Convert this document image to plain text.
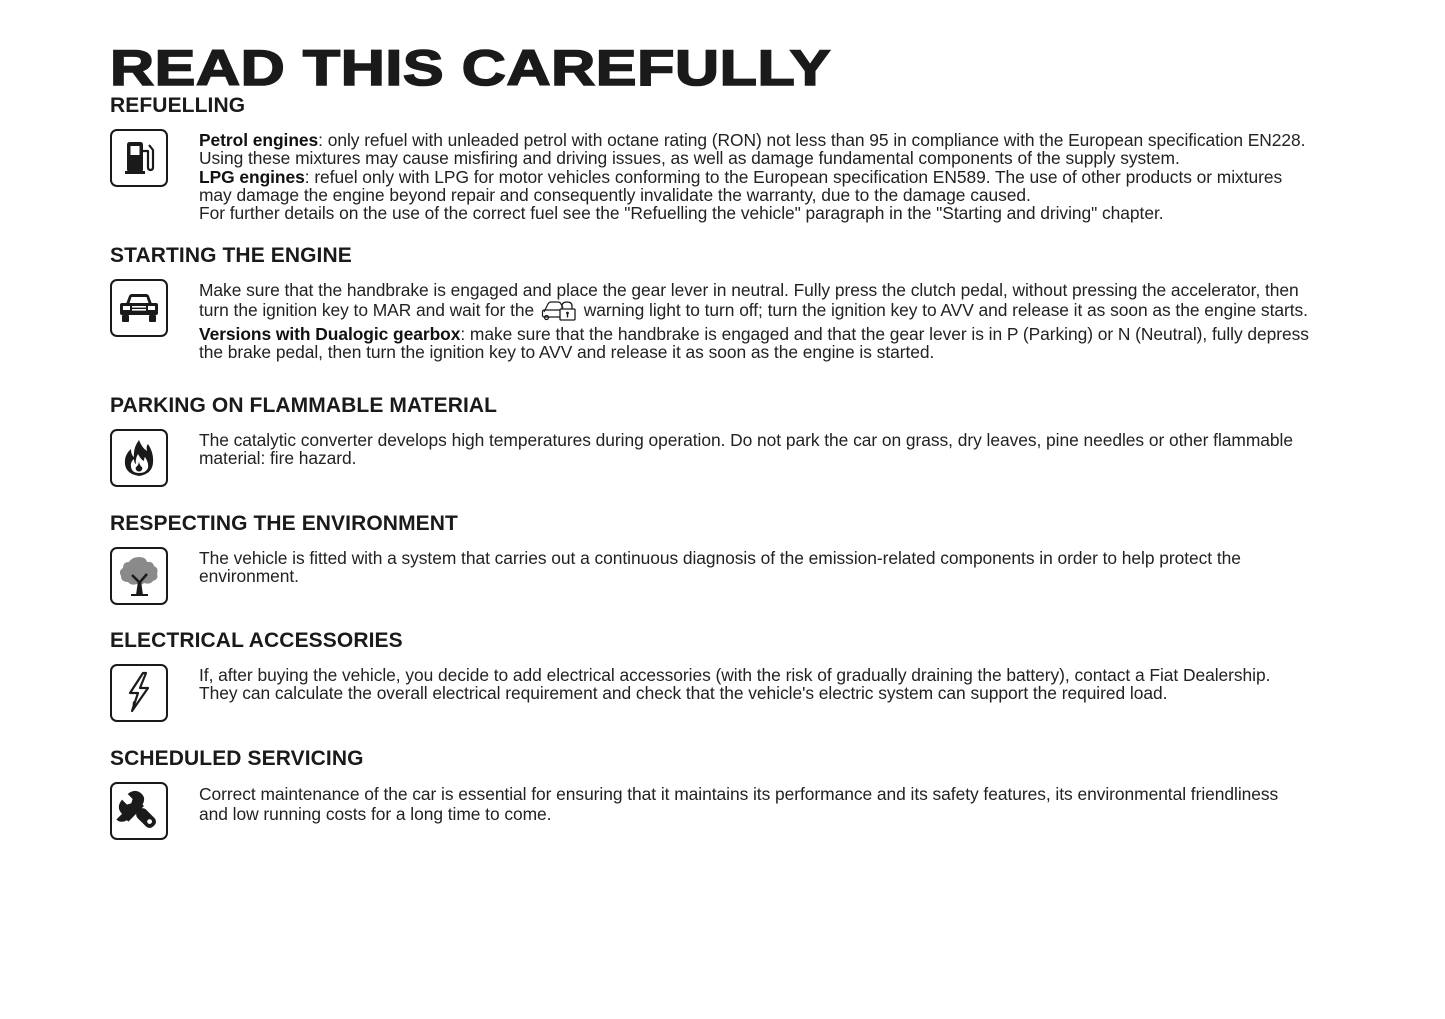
READ THIS CAREFULLY
REFUELLING

Petrol engines: only refuel with unleaded petrol with octane rating (RON) not less than 95 in compliance with the European specification EN228. Using these mixtures may cause misfiring and driving issues, as well as damage fundamental components of the supply system.

LPG engines: refuel only with LPG for motor vehicles conforming to the European specification EN589. The use of other products or mixtures may damage the engine beyond repair and consequently invalidate the warranty, due to the damage caused.

For further details on the use of the correct fuel see the "Refuelling the vehicle" paragraph in the "Starting and driving" chapter.

STARTING THE ENGINE

Make sure that the handbrake is engaged and place the gear lever in neutral. Fully press the clutch pedal, without pressing the accelerator, then turn the ignition key to MAR and wait for the  warning light to turn off; turn the ignition key to AVV and release it as soon as the engine starts.

Versions with Dualogic gearbox: make sure that the handbrake is engaged and that the gear lever is in P (Parking) or N (Neutral), fully depress the brake pedal, then turn the ignition key to AVV and release it as soon as the engine is started.

PARKING ON FLAMMABLE MATERIAL

The catalytic converter develops high temperatures during operation. Do not park the car on grass, dry leaves, pine needles or other flammable material: fire hazard.

RESPECTING THE ENVIRONMENT

The vehicle is fitted with a system that carries out a continuous diagnosis of the emission-related components in order to help protect the environment.

ELECTRICAL ACCESSORIES

If, after buying the vehicle, you decide to add electrical accessories (with the risk of gradually draining the battery), contact a Fiat Dealership. They can calculate the overall electrical requirement and check that the vehicle's electric system can support the required load.

SCHEDULED SERVICING

Correct maintenance of the car is essential for ensuring that it maintains its performance and its safety features, its environmental friendliness and low running costs for a long time to come.
